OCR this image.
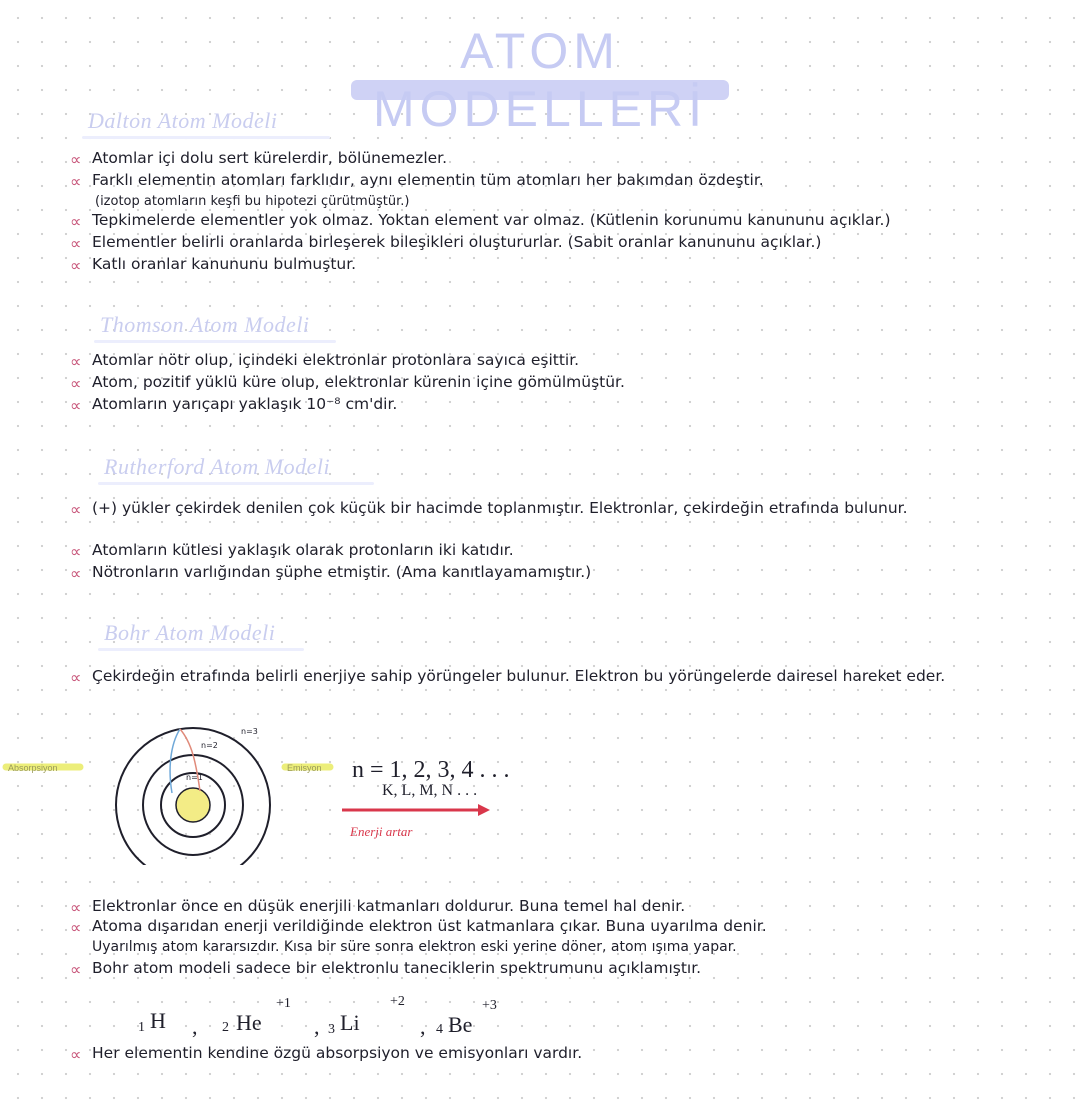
ATOM MODELLERİ
Dalton Atom Modeli
∝ Atomlar içi dolu sert kürelerdir, bölünemezler.
∝ Farklı elementin atomları farklıdır, aynı elementin tüm atomları her bakımdan özdeştir.
(izotop atomların keşfi bu hipotezi çürütmüştür.)
∝ Tepkimelerde elementler yok olmaz. Yoktan element var olmaz. (Kütlenin korunumu kanununu açıklar.)
∝ Elementler belirli oranlarda birleşerek bileşikleri oluştururlar. (Sabit oranlar kanununu açıklar.)
∝ Katlı oranlar kanununu bulmuştur.
Thomson Atom Modeli
∝ Atomlar nötr olup, içindeki elektronlar protonlara sayıca eşittir.
∝ Atom, pozitif yüklü küre olup, elektronlar kürenin içine gömülmüştür.
∝ Atomların yarıçapı yaklaşık 10⁻⁸ cm'dir.
Rutherford Atom Modeli
∝ (+) yükler çekirdek denilen çok küçük bir hacimde toplanmıştır. Elektronlar, çekirdeğin etrafında bulunur.
∝ Atomların kütlesi yaklaşık olarak protonların iki katıdır.
∝ Nötronların varlığından şüphe etmiştir. (Ama kanıtlayamamıştır.)
Bohr Atom Modeli
∝ Çekirdeğin etrafında belirli enerjiye sahip yörüngeler bulunur. Elektron bu yörüngelerde dairesel hareket eder.
Absorpsiyon	Emisyon
n=1
n=2
n=3
n = 1, 2, 3, 4 . . .
K, L, M, N . . .
Enerji artar
∝ Elektronlar önce en düşük enerjili katmanları doldurur. Buna temel hal denir.
∝ Atoma dışarıdan enerji verildiğinde elektron üst katmanlara çıkar. Buna uyarılma denir.
Uyarılmış atom kararsızdır. Kısa bir süre sonra elektron eski yerine döner, atom ışıma yapar.
∝ Bohr atom modeli sadece bir elektronlu taneciklerin spektrumunu açıklamıştır.
1 H , 2 He
+1
, 3 Li
+2
, 4 Be
+3
∝ Her elementin kendine özgü absorpsiyon ve emisyonları vardır.
